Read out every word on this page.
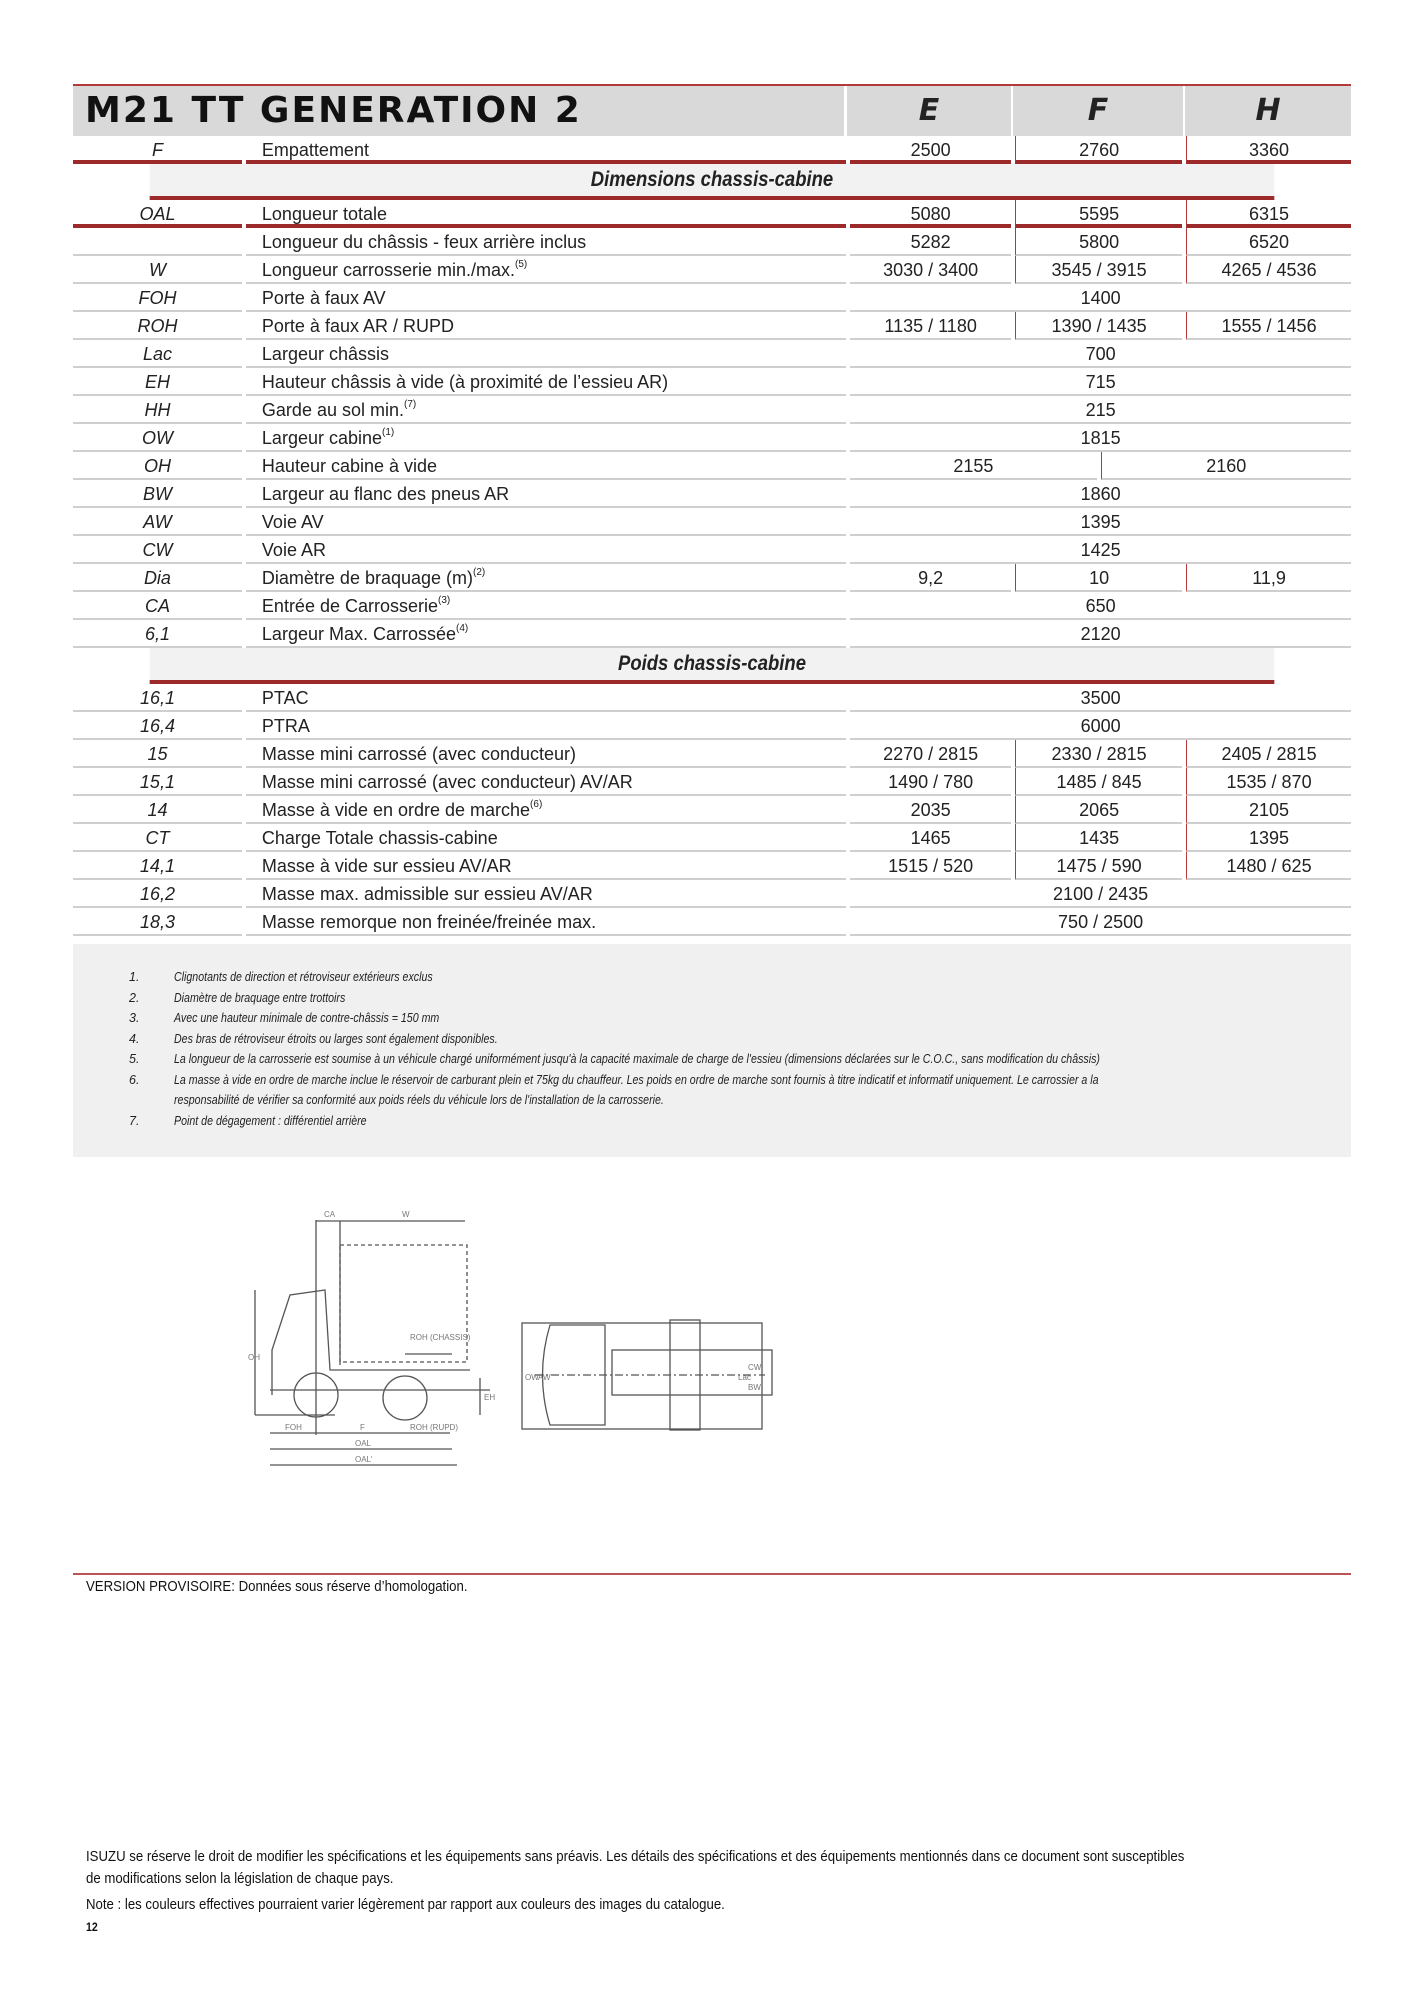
M21 TT GENERATION 2	E	F	H
F	Empattement	2500	2760	3360
Dimensions chassis-cabine
OAL	Longueur totale	5080	5595	6315
Longueur du châssis - feux arrière inclus	5282	5800	6520
W	Longueur carrosserie min./max.$^{(5)}$	3030 / 3400	3545 / 3915	4265 / 4536
FOH	Porte à faux AV	1400
ROH	Porte à faux AR / RUPD	1135 / 1180	1390 / 1435	1555 / 1456
Lac	Largeur châssis	700
EH	Hauteur châssis à vide (à proximité de l’essieu AR)	715
HH	Garde au sol min.$^{(7)}$	215
OW	Largeur cabine$^{(1)}$	1815
OH	Hauteur cabine à vide	2155	2160
BW	Largeur au flanc des pneus AR	1860
AW	Voie AV	1395
CW	Voie AR	1425
Dia	Diamètre de braquage $(m)^{(2)}$	9,2	10	11,9
CA	Entrée de Carrosserie$^{(3)}$	650
6,1	Largeur Max. Carrossée$^{(4)}$	2120
Poids chassis-cabine
16,1	PTAC	3500
16,4	PTRA	6000
15	Masse mini carrossé (avec conducteur)	2270 / 2815	2330 / 2815	2405 / 2815
15,1	Masse mini carrossé (avec conducteur) AV/AR	1490 / 780	1485 / 845	1535 / 870
14	Masse à vide en ordre de marche$^{(6)}$	2035	2065	2105
CT	Charge Totale chassis-cabine	1465	1435	1395
14,1	Masse à vide sur essieu AV/AR	1515 / 520	1475 / 590	1480 / 625
16,2	Masse max. admissible sur essieu AV/AR	2100 / 2435
18,3	Masse remorque non freinée/freinée max.	750 / 2500
1.	Clignotants de direction et rétroviseur extérieurs exclus
2.	Diamètre de braquage entre trottoirs
3.	Avec une hauteur minimale de contre-châssis = 150 mm
4.	Des bras de rétroviseur étroits ou larges sont également disponibles.
5.	La longueur de la carrosserie est soumise à un véhicule chargé uniformément jusqu'à la capacité maximale de charge de l'essieu (dimensions déclarées sur le C.O.C., sans modification du châssis)
6.	La masse à vide en ordre de marche inclue le réservoir de carburant plein et 75kg du chauffeur. Les poids en ordre de marche sont fournis à titre indicatif et informatif uniquement. Le carrossier a la
responsabilité de vérifier sa conformité aux poids réels du véhicule lors de l'installation de la carrosserie.
7.	Point de dégagement : différentiel arrière
CA	W
OH
FOH	F
ROH (CHASSIS)
ROH (RUPD)
OAL
OAL'
EH
OW AW	Lac
CW
BW
VERSION PROVISOIRE: Données sous réserve d’homologation.
ISUZU se réserve le droit de modifier les spécifications et les équipements sans préavis. Les détails des spécifications et des équipements mentionnés dans ce document sont susceptibles
de modifications selon la législation de chaque pays.
Note : les couleurs effectives pourraient varier légèrement par rapport aux couleurs des images du catalogue.
12
